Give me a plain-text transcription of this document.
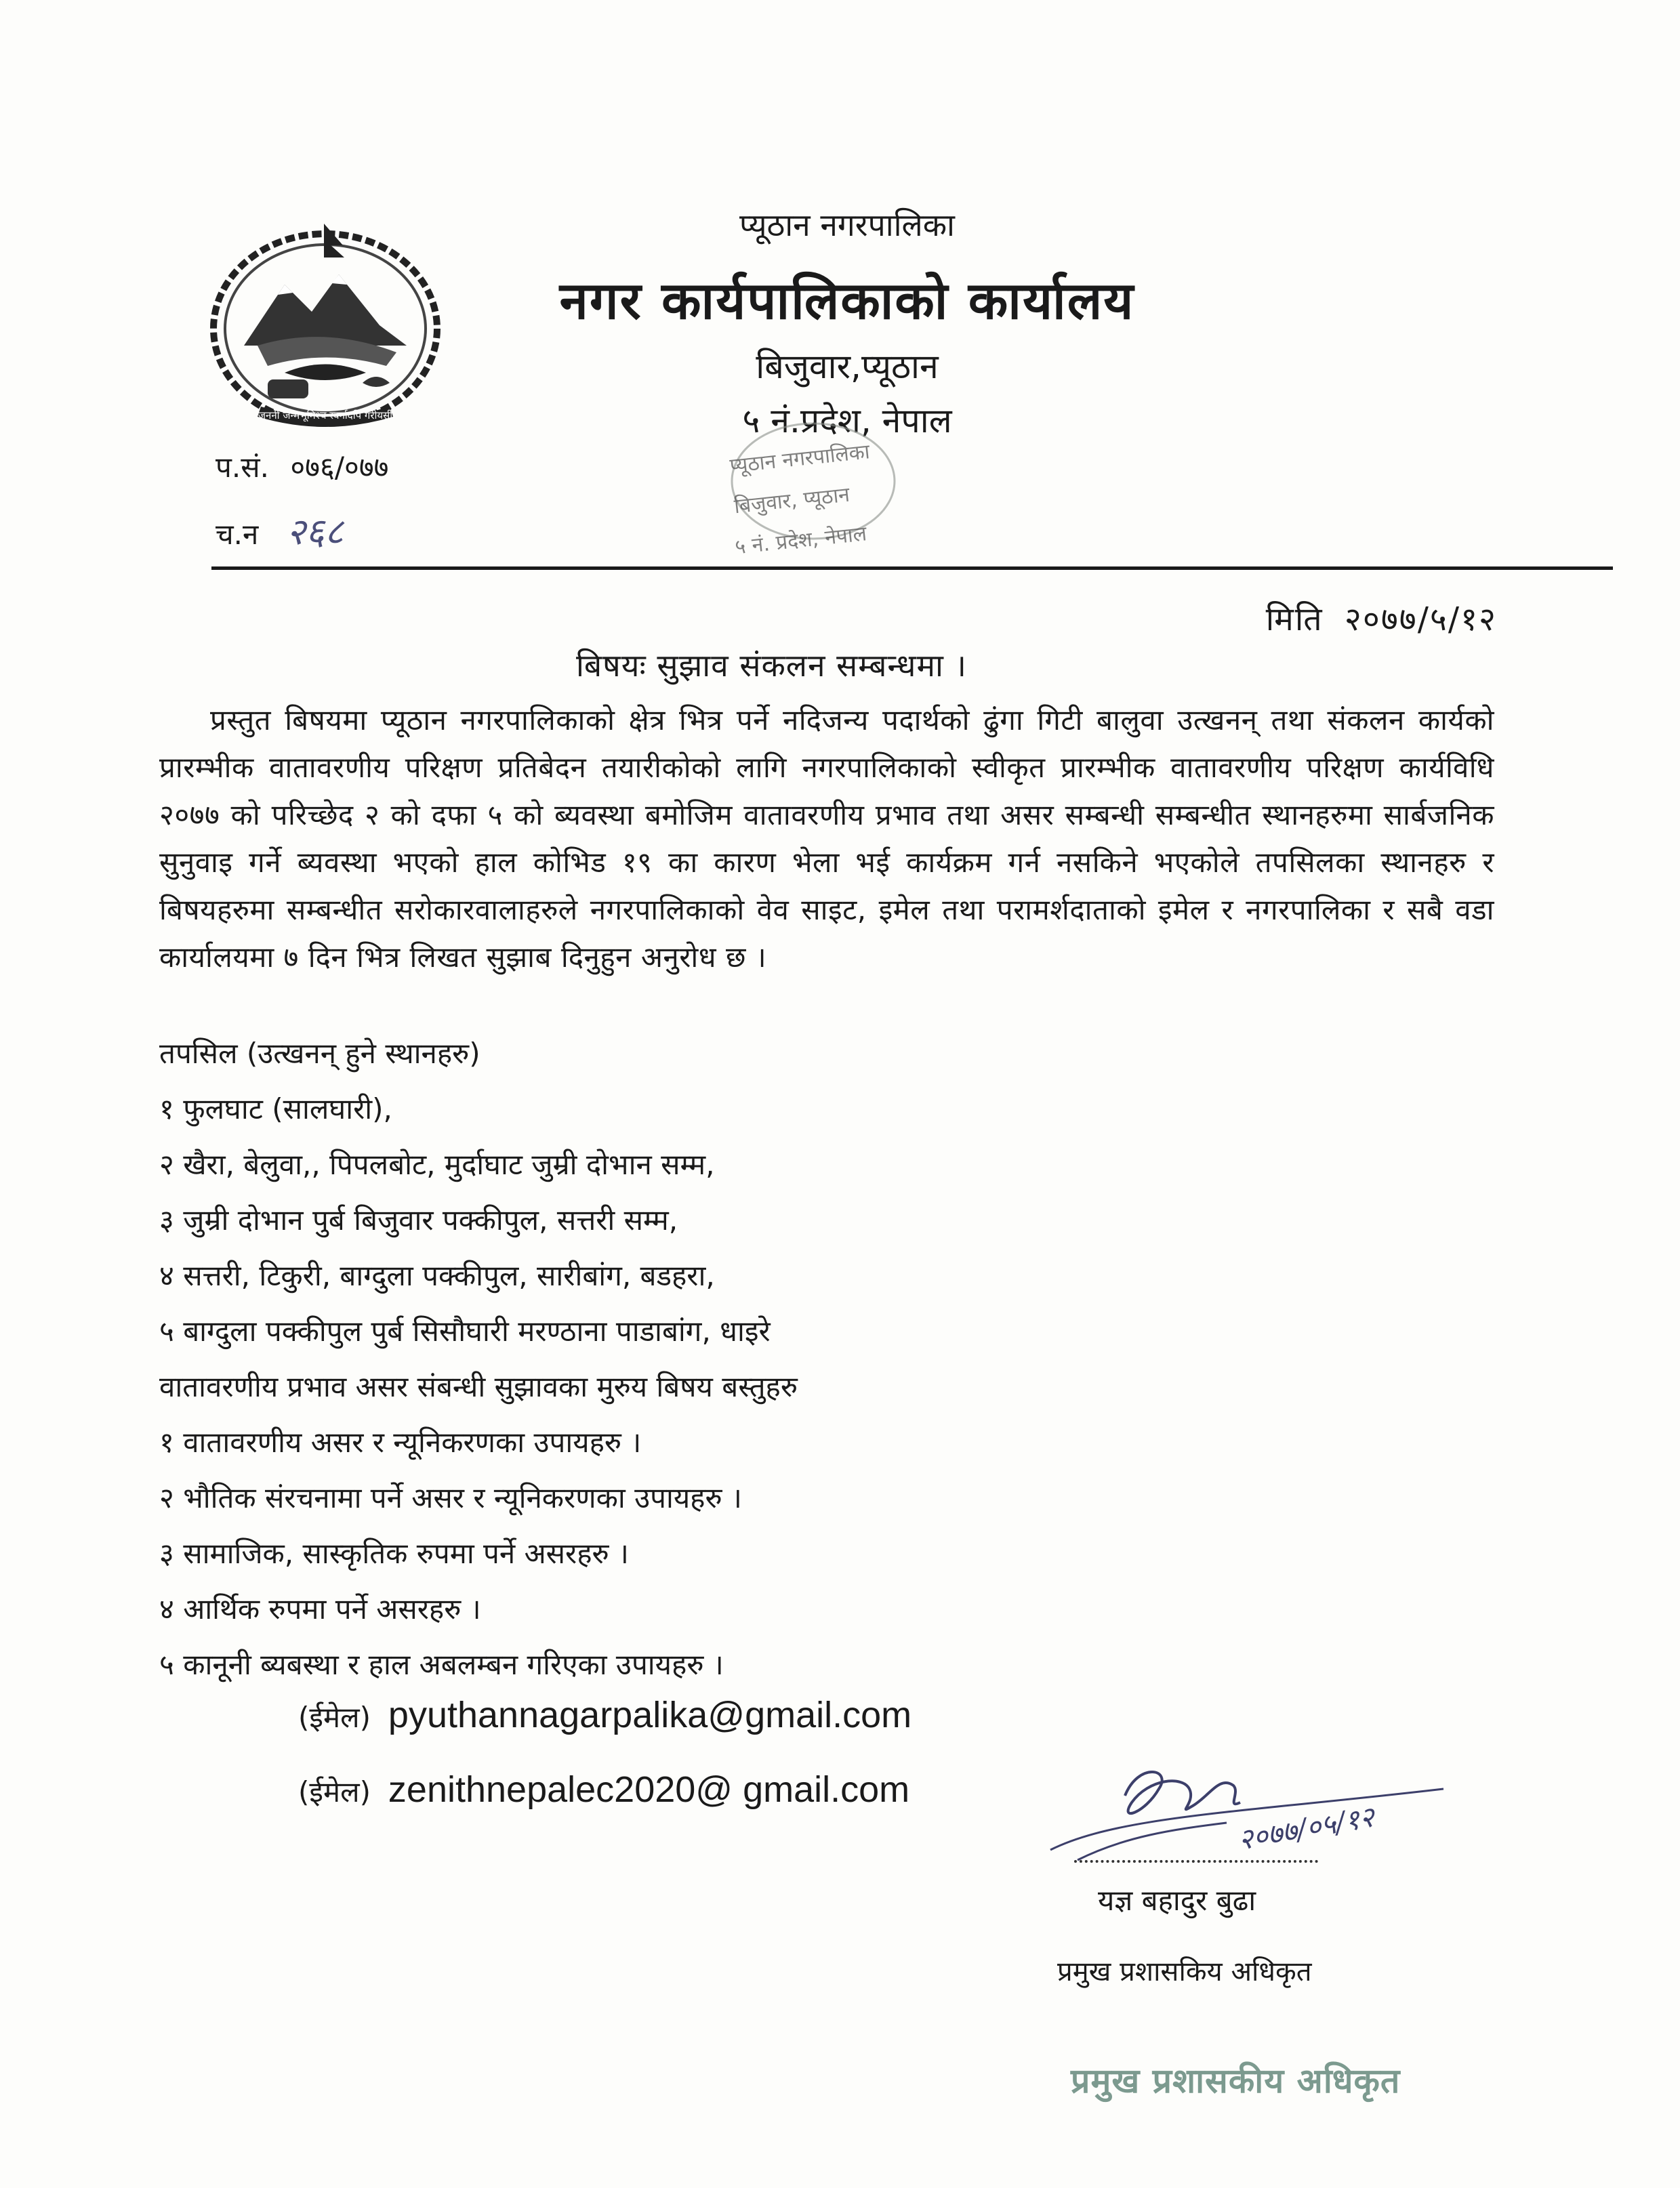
जननी जन्मभूमिश्च स्वर्गादपि गरीयसी
प्यूठान नगरपालिका
नगर कार्यपालिकाको कार्यालय
बिजुवार,प्यूठान
५ नं.प्रदेश, नेपाल
प.सं. ०७६/०७७
च.न २६८
प्यूठान नगरपालिका
बिजुवार, प्यूठान
५ नं. प्रदेश, नेपाल
मिति २०७७/५/१२
बिषयः सुझाव संकलन सम्बन्धमा ।
प्रस्तुत बिषयमा प्यूठान नगरपालिकाको क्षेत्र भित्र पर्ने नदिजन्य पदार्थको ढुंगा गिटी बालुवा उत्खनन् तथा संकलन कार्यको प्रारम्भीक वातावरणीय परिक्षण प्रतिबेदन तयारीकोको लागि नगरपालिकाको स्वीकृत प्रारम्भीक वातावरणीय परिक्षण कार्यविधि २०७७ को परिच्छेद २ को दफा ५ को ब्यवस्था बमोजिम वातावरणीय प्रभाव तथा असर सम्बन्धी सम्बन्धीत स्थानहरुमा सार्बजनिक सुनुवाइ गर्ने ब्यवस्था भएको हाल कोभिड १९ का कारण भेला भई कार्यक्रम गर्न नसकिने भएकोले तपसिलका स्थानहरु र बिषयहरुमा सम्बन्धीत सरोकारवालाहरुले नगरपालिकाको वेव साइट, इमेल तथा परामर्शदाताको इमेल र नगरपालिका र सबै वडा कार्यालयमा ७ दिन भित्र लिखत सुझाब दिनुहुन अनुरोध छ ।
तपसिल (उत्खनन् हुने स्थानहरु)
१ फुलघाट (सालघारी),
२ खैरा, बेलुवा,, पिपलबोट, मुर्दाघाट जुम्री दोभान सम्म,
३ जुम्री दोभान पुर्ब बिजुवार पक्कीपुल, सत्तरी सम्म,
४ सत्तरी, टिकुरी, बाग्दुला पक्कीपुल, सारीबांग, बडहरा,
५ बाग्दुला पक्कीपुल पुर्ब सिसौघारी मरण्ठाना पाडाबांग, धाइरे
वातावरणीय प्रभाव असर संबन्धी सुझावका मुरुय बिषय बस्तुहरु
१ वातावरणीय असर र न्यूनिकरणका उपायहरु ।
२ भौतिक संरचनामा पर्ने असर र न्यूनिकरणका उपायहरु ।
३ सामाजिक, सास्कृतिक रुपमा पर्ने असरहरु ।
४ आर्थिक रुपमा पर्ने असरहरु ।
५ कानूनी ब्यबस्था र हाल अबलम्बन गरिएका उपायहरु ।
(ईमेल) pyuthannagarpalika@gmail.com
(ईमेल) zenithnepalec2020@ gmail.com
२०७७/०५/१२
यज्ञ बहादुर बुढा
प्रमुख प्रशासकिय अधिकृत
प्रमुख प्रशासकीय अधिकृत
